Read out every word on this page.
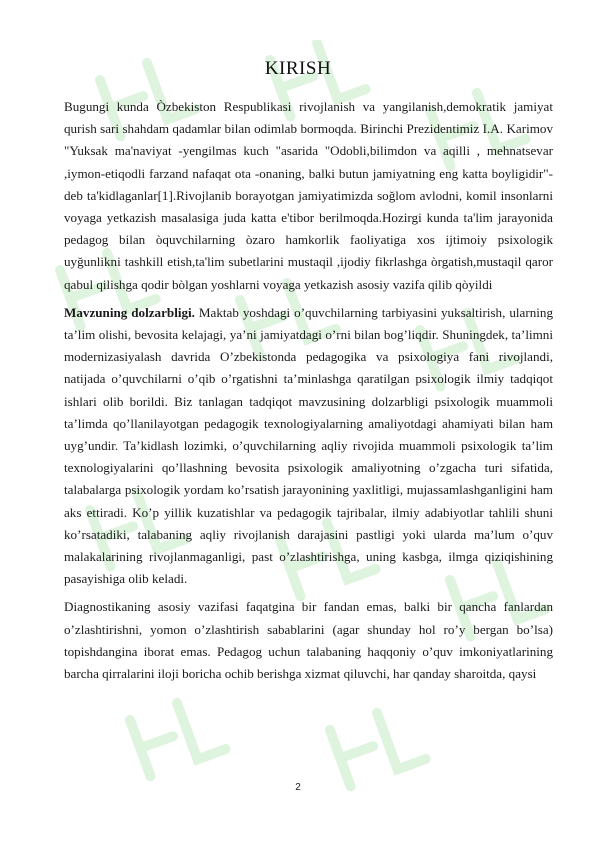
KIRISH

Bugungi kunda Òzbekiston Respublikasi rivojlanish va yangilanish,demokratik jamiyat qurish sari shahdam qadamlar bilan odimlab bormoqda. Birinchi Prezidentimiz I.A. Karimov "Yuksak ma'naviyat -yengilmas kuch "asarida "Odobli,bilimdon va aqilli , mehnatsevar ,iymon-etiqodli farzand nafaqat ota -onaning, balki butun jamiyatning eng katta boyligidir"- deb ta'kidlaganlar[1].Rivojlanib borayotgan jamiyatimizda soğlom avlodni, komil insonlarni voyaga yetkazish masalasiga juda katta e'tibor berilmoqda.Hozirgi kunda ta'lim jarayonida pedagog bilan òquvchilarning òzaro hamkorlik faoliyatiga xos ijtimoiy psixologik uyğunlikni tashkill etish,ta'lim subetlarini mustaqil ,ijodiy fikrlashga òrgatish,mustaqil qaror qabul qilishga qodir bòlgan yoshlarni voyaga yetkazish asosiy vazifa qilib qòyildi

Mavzuning dolzarbligi. Maktab yoshdagi o’quvchilarning tarbiyasini yuksaltirish, ularning ta’lim olishi, bevosita kelajagi, ya’ni jamiyatdagi o’rni bilan bog’liqdir. Shuningdek, ta’limni modernizasiyalash davrida O’zbekistonda pedagogika va psixologiya fani rivojlandi, natijada o’quvchilarni o’qib o’rgatishni ta’minlashga qaratilgan psixologik ilmiy tadqiqot ishlari olib borildi. Biz tanlagan tadqiqot mavzusining dolzarbligi psixologik muammoli ta’limda qo’llanilayotgan pedagogik texnologiyalarning amaliyotdagi ahamiyati bilan ham uyg’undir. Ta’kidlash lozimki, o’quvchilarning aqliy rivojida muammoli psixologik ta’lim texnologiyalarini qo’llashning bevosita psixologik amaliyotning o’zgacha turi sifatida, talabalarga psixologik yordam ko’rsatish jarayonining yaxlitligi, mujassamlashganligini ham aks ettiradi. Ko’p yillik kuzatishlar va pedagogik tajribalar, ilmiy adabiyotlar tahlili shuni ko’rsatadiki, talabaning aqliy rivojlanish darajasini pastligi yoki ularda ma’lum o’quv malakalarining rivojlanmaganligi, past o’zlashtirishga, uning kasbga, ilmga qiziqishining pasayishiga olib keladi.

Diagnostikaning asosiy vazifasi faqatgina bir fandan emas, balki bir qancha fanlardan o’zlashtirishni, yomon o’zlashtirish sabablarini (agar shunday hol ro’y bergan bo’lsa) topishdangina iborat emas. Pedagog uchun talabaning haqqoniy o’quv imkoniyatlarining barcha qirralarini iloji boricha ochib berishga xizmat qiluvchi, har qanday sharoitda, qaysi

2
